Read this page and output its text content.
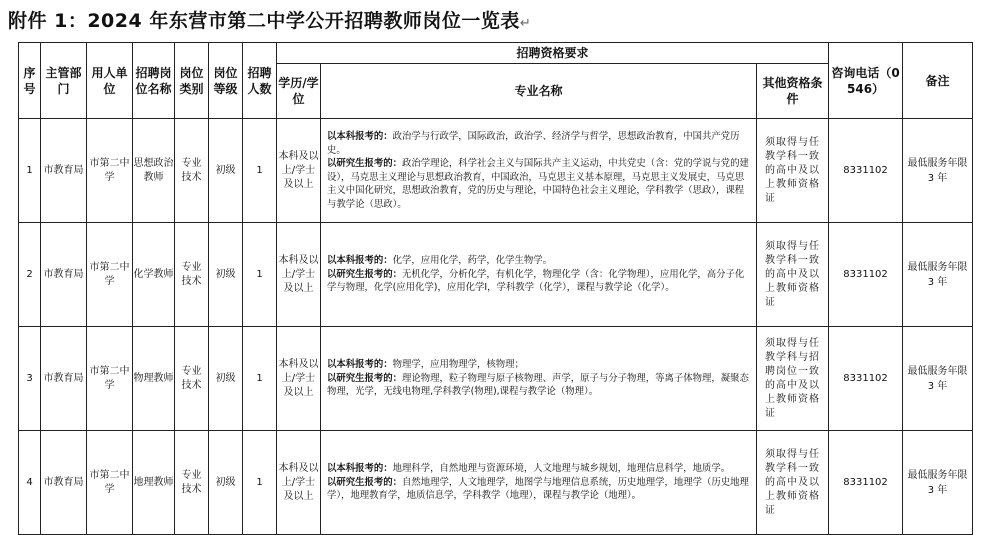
附件 1：2024 年东营市第二中学公开招聘教师岗位一览表↵
序号	主管部门	用人单位	招聘岗位名称	岗位类别	岗位等级	招聘人数	招聘资格要求			咨询电话（0546）	备注
							学历/学位	专业名称	其他资格条件		
1	市教育局	市第二中学	思想政治教师	专业技术	初级	1	本科及以上/学士及以上	以本科报考的：政治学与行政学，国际政治，政治学、经济学与哲学，思想政治教育，中国共产党历史。
以研究生报考的：政治学理论，科学社会主义与国际共产主义运动，中共党史（含：党的学说与党的建设），马克思主义理论与思想政治教育，中国政治，马克思主义基本原理，马克思主义发展史，马克思主义中国化研究，思想政治教育，党的历史与理论，中国特色社会主义理论，学科教学（思政），课程与教学论（思政）。	须取得与任教学科一致的高中及以上教师资格证	8331102	最低服务年限 3 年
2	市教育局	市第二中学	化学教师	专业技术	初级	1	本科及以上/学士及以上	以本科报考的：化学，应用化学，药学，化学生物学。
以研究生报考的：无机化学，分析化学，有机化学，物理化学（含：化学物理），应用化学，高分子化学与物理，化学(应用化学)，应用化学Ⅰ，学科教学（化学），课程与教学论（化学）。	须取得与任教学科一致的高中及以上教师资格证	8331102	最低服务年限 3 年
3	市教育局	市第二中学	物理教师	专业技术	初级	1	本科及以上/学士及以上	以本科报考的：物理学，应用物理学，核物理；
以研究生报考的：理论物理，粒子物理与原子核物理、声学，原子与分子物理，等离子体物理，凝聚态物理，光学，无线电物理,学科教学(物理),课程与教学论（物理）。	须取得与任教学科与招聘岗位一致的高中及以上教师资格证	8331102	最低服务年限 3 年
4	市教育局	市第二中学	地理教师	专业技术	初级	1	本科及以上/学士及以上	以本科报考的：地理科学，自然地理与资源环境，人文地理与城乡规划，地理信息科学，地质学。
以研究生报考的：自然地理学，人文地理学，地图学与地理信息系统，历史地理学，地理学（历史地理学），地理教育学，地质信息学，学科教学（地理），课程与教学论（地理）。	须取得与任教学科一致的高中及以上教师资格证	8331102	最低服务年限 3 年
